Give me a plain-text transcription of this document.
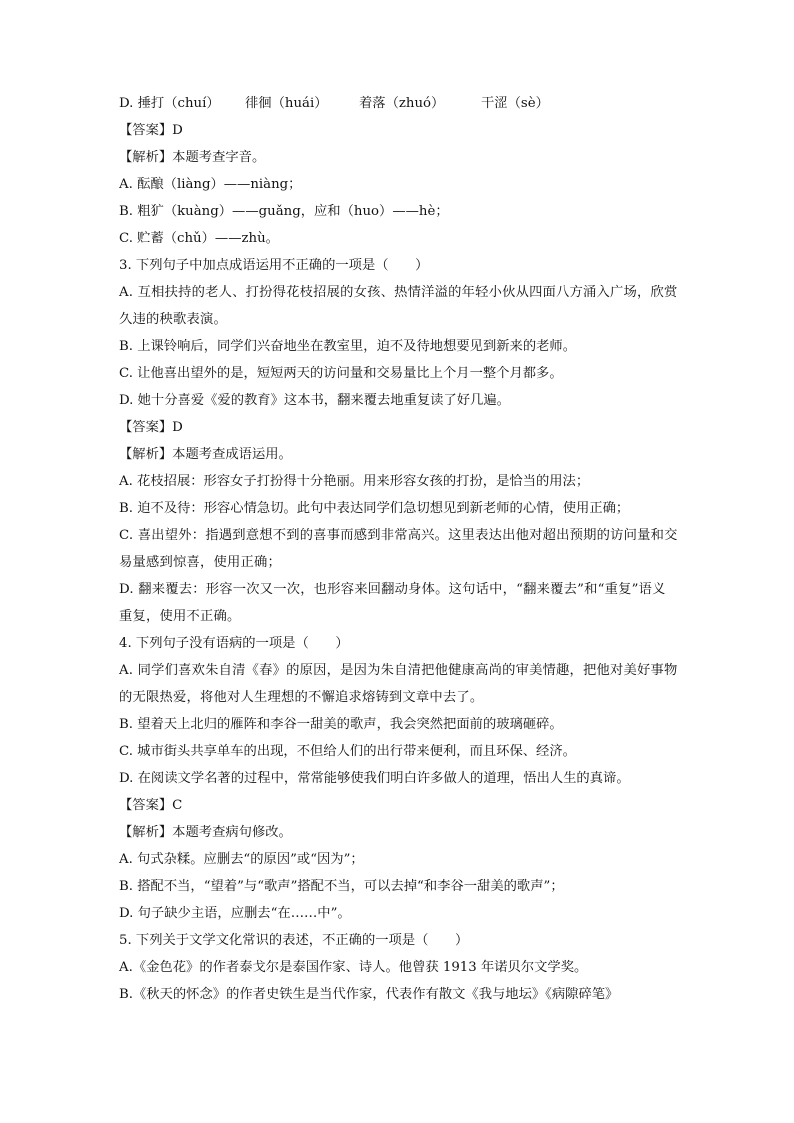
D. 捶打（chuí） 徘徊（huái） 着落（zhuó）	干涩（sè）
【答案】D
【解析】本题考查字音。
A. 酝酿（liàng）——niàng；
B. 粗犷（kuàng）——guǎng，应和（huo）——hè；
C. 贮蓄（chǔ）——zhù。
3. 下列句子中加点成语运用不正确的一项是（　　）
A. 互相扶持的老人、打扮得花枝招展的女孩、热情洋溢的年轻小伙从四面八方涌入广场，欣赏久违的秧歌表演。
B. 上课铃响后，同学们兴奋地坐在教室里，迫不及待地想要见到新来的老师。
C. 让他喜出望外的是，短短两天的访问量和交易量比上个月一整个月都多。
D. 她十分喜爱《爱的教育》这本书，翻来覆去地重复读了好几遍。
【答案】D
【解析】本题考查成语运用。
A. 花枝招展：形容女子打扮得十分艳丽。用来形容女孩的打扮，是恰当的用法；
B. 迫不及待：形容心情急切。此句中表达同学们急切想见到新老师的心情，使用正确；
C. 喜出望外：指遇到意想不到的喜事而感到非常高兴。这里表达出他对超出预期的访问量和交易量感到惊喜，使用正确；
D. 翻来覆去：形容一次又一次，也形容来回翻动身体。这句话中，“翻来覆去”和“重复”语义重复，使用不正确。
4. 下列句子没有语病的一项是（　　）
A. 同学们喜欢朱自清《春》的原因，是因为朱自清把他健康高尚的审美情趣，把他对美好事物的无限热爱，将他对人生理想的不懈追求熔铸到文章中去了。
B. 望着天上北归的雁阵和李谷一甜美的歌声，我会突然把面前的玻璃砸碎。
C. 城市街头共享单车的出现，不但给人们的出行带来便利，而且环保、经济。
D. 在阅读文学名著的过程中，常常能够使我们明白许多做人的道理，悟出人生的真谛。
【答案】C
【解析】本题考查病句修改。
A. 句式杂糅。应删去“的原因”或“因为”；
B. 搭配不当，“望着”与“歌声”搭配不当，可以去掉“和李谷一甜美的歌声”；
D. 句子缺少主语，应删去“在……中”。
5. 下列关于文学文化常识的表述，不正确的一项是（　　）
A.《金色花》的作者泰戈尔是泰国作家、诗人。他曾获 1913 年诺贝尔文学奖。
B.《秋天的怀念》的作者史铁生是当代作家，代表作有散文《我与地坛》《病隙碎笔》
